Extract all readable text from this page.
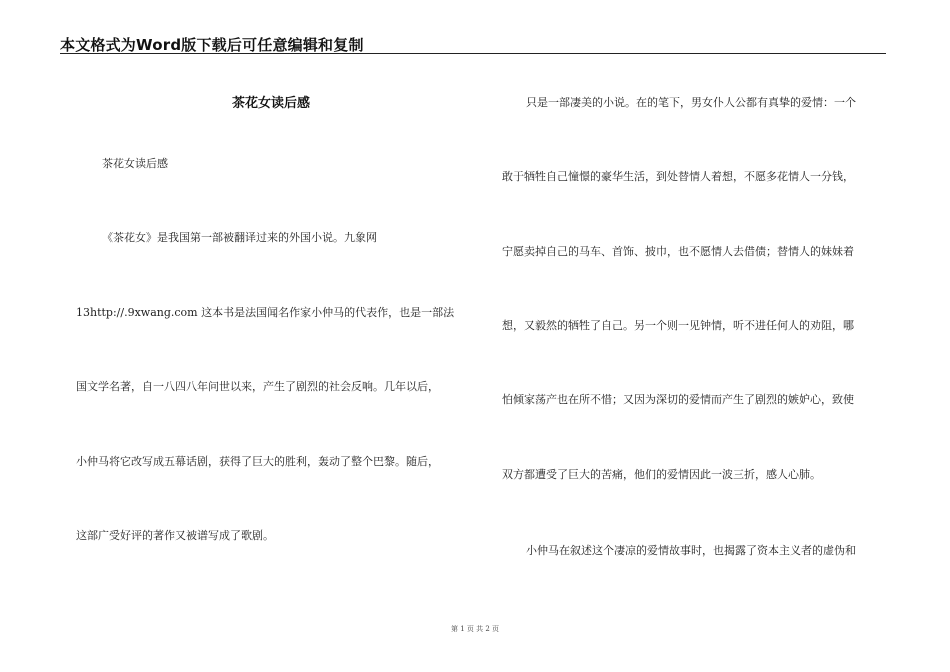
本文格式为Word版下载后可任意编辑和复制
茶花女读后感
茶花女读后感
《茶花女》是我国第一部被翻译过来的外国小说。九象网
13http://.9xwang.com 这本书是法国闻名作家小仲马的代表作，也是一部法
国文学名著，自一八四八年问世以来，产生了剧烈的社会反响。几年以后，
小仲马将它改写成五幕话剧，获得了巨大的胜利，轰动了整个巴黎。随后，
这部广受好评的著作又被谱写成了歌剧。
只是一部凄美的小说。在的笔下，男女仆人公都有真挚的爱情：一个
敢于牺牲自己憧憬的豪华生活，到处替情人着想，不愿多花情人一分钱，
宁愿卖掉自己的马车、首饰、披巾，也不愿情人去借债；替情人的妹妹着
想，又毅然的牺牲了自己。另一个则一见钟情，听不进任何人的劝阻，哪
怕倾家荡产也在所不惜；又因为深切的爱情而产生了剧烈的嫉妒心，致使
双方都遭受了巨大的苦痛，他们的爱情因此一波三折，感人心肺。
小仲马在叙述这个凄凉的爱情故事时，也揭露了资本主义者的虚伪和
第 1 页 共 2 页
